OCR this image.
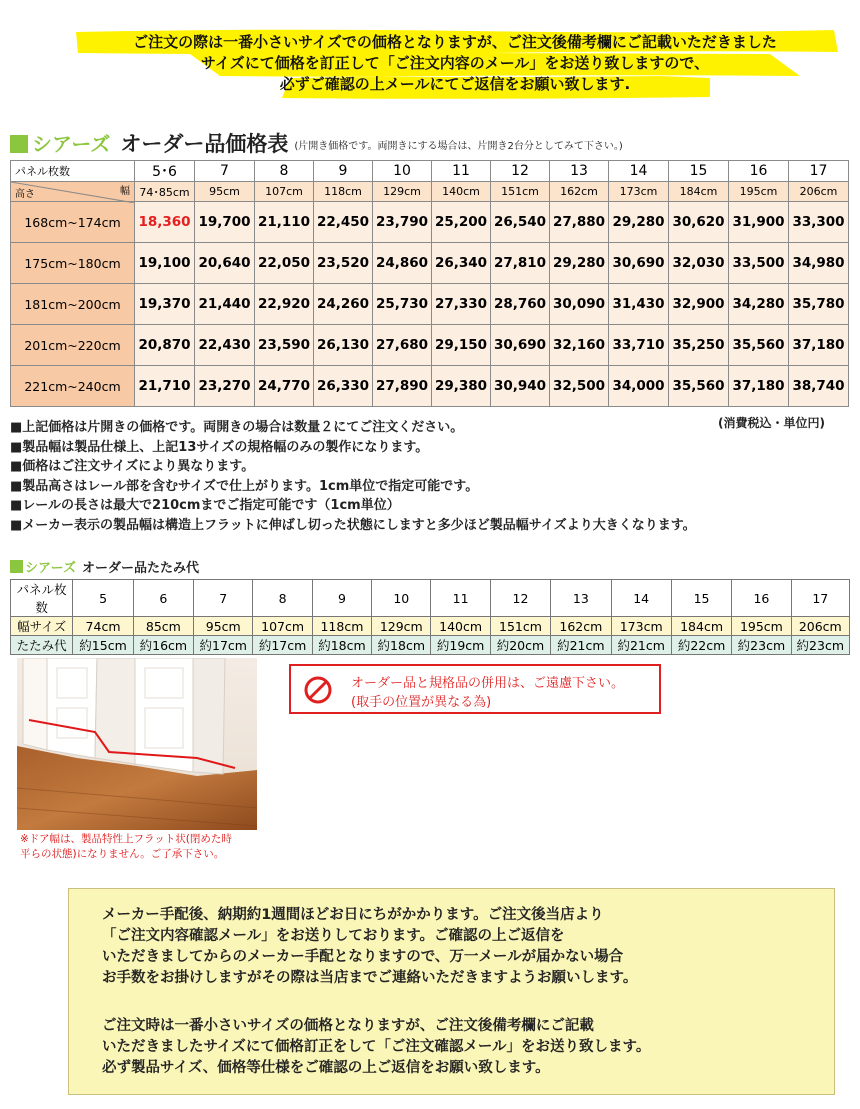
ご注文の際は一番小さいサイズでの価格となりますが、ご注文後備考欄にご記載いただきました
サイズにて価格を訂正して「ご注文内容のメール」をお送り致しますので、
必ずご確認の上メールにてご返信をお願い致します.
シアーズ オーダー品価格表 (片開き価格です。両開きにする場合は、片開き2台分としてみて下さい。)
パネル枚数	5･6	7	8	9	10	11	12	13	14	15	16	17

高さ 幅	74･85cm	95cm	107cm	118cm	129cm	140cm	151cm	162cm	173cm	184cm	195cm	206cm
168cm~174cm	18,360	19,700	21,110	22,450	23,790	25,200	26,540	27,880	29,280	30,620	31,900	33,300
175cm~180cm	19,100	20,640	22,050	23,520	24,860	26,340	27,810	29,280	30,690	32,030	33,500	34,980
181cm~200cm	19,370	21,440	22,920	24,260	25,730	27,330	28,760	30,090	31,430	32,900	34,280	35,780
201cm~220cm	20,870	22,430	23,590	26,130	27,680	29,150	30,690	32,160	33,710	35,250	35,560	37,180
221cm~240cm	21,710	23,270	24,770	26,330	27,890	29,380	30,940	32,500	34,000	35,560	37,180	38,740
(消費税込・単位円)
■上記価格は片開きの価格です。両開きの場合は数量２にてご注文ください。
■製品幅は製品仕様上、上記13サイズの規格幅のみの製作になります。
■価格はご注文サイズにより異なります。
■製品高さはレール部を含むサイズで仕上がります。1cm単位で指定可能です。
■レールの長さは最大で210cmまでご指定可能です（1cm単位）
■メーカー表示の製品幅は構造上フラットに伸ばし切った状態にしますと多少ほど製品幅サイズより大きくなります。
シアーズ オーダー品たたみ代
パネル枚数	5	6	7	8	9	10	11	12	13	14	15	16	17
幅サイズ	74cm	85cm	95cm	107cm	118cm	129cm	140cm	151cm	162cm	173cm	184cm	195cm	206cm
たたみ代	約15cm	約16cm	約17cm	約17cm	約18cm	約18cm	約19cm	約20cm	約21cm	約21cm	約22cm	約23cm	約23cm
※ドア幅は、製品特性上フラット状(閉めた時
平らの状態)になりません。ご了承下さい。
オーダー品と規格品の併用は、ご遠慮下さい。
(取手の位置が異なる為)
メーカー手配後、納期約1週間ほどお日にちがかかります。ご注文後当店より
「ご注文内容確認メール」をお送りしております。ご確認の上ご返信を
いただきましてからのメーカー手配となりますので、万一メールが届かない場合
お手数をお掛けしますがその際は当店までご連絡いただきますようお願いします。
ご注文時は一番小さいサイズの価格となりますが、ご注文後備考欄にご記載
いただきましたサイズにて価格訂正をして「ご注文確認メール」をお送り致します。
必ず製品サイズ、価格等仕様をご確認の上ご返信をお願い致します。
